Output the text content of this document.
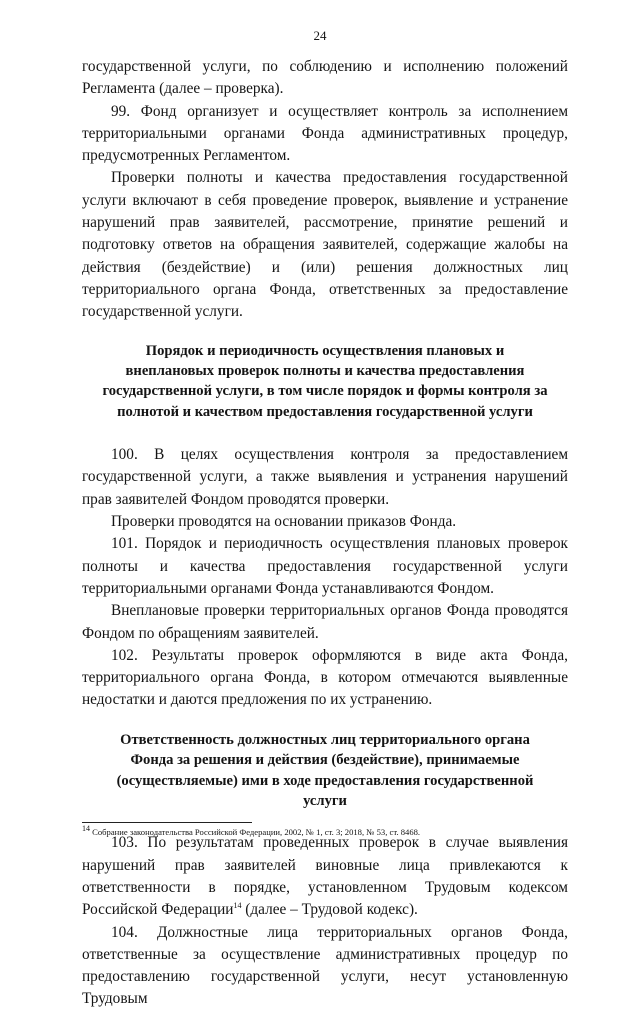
24

государственной услуги, по соблюдению и исполнению положений Регламента (далее – проверка).

99. Фонд организует и осуществляет контроль за исполнением территориальными органами Фонда административных процедур, предусмотренных Регламентом.

Проверки полноты и качества предоставления государственной услуги включают в себя проведение проверок, выявление и устранение нарушений прав заявителей, рассмотрение, принятие решений и подготовку ответов на обращения заявителей, содержащие жалобы на действия (бездействие) и (или) решения должностных лиц территориального органа Фонда, ответственных за предоставление государственной услуги.

Порядок и периодичность осуществления плановых и внеплановых проверок полноты и качества предоставления государственной услуги, в том числе порядок и формы контроля за полнотой и качеством предоставления государственной услуги

100. В целях осуществления контроля за предоставлением государственной услуги, а также выявления и устранения нарушений прав заявителей Фондом проводятся проверки.

Проверки проводятся на основании приказов Фонда.

101. Порядок и периодичность осуществления плановых проверок полноты и качества предоставления государственной услуги территориальными органами Фонда устанавливаются Фондом.

Внеплановые проверки территориальных органов Фонда проводятся Фондом по обращениям заявителей.

102. Результаты проверок оформляются в виде акта Фонда, территориального органа Фонда, в котором отмечаются выявленные недостатки и даются предложения по их устранению.

Ответственность должностных лиц территориального органа Фонда за решения и действия (бездействие), принимаемые (осуществляемые) ими в ходе предоставления государственной услуги

103. По результатам проведенных проверок в случае выявления нарушений прав заявителей виновные лица привлекаются к ответственности в порядке, установленном Трудовым кодексом Российской Федерации$^{14}$ (далее – Трудовой кодекс).

104. Должностные лица территориальных органов Фонда, ответственные за осуществление административных процедур по предоставлению государственной услуги, несут установленную Трудовым

$^{14}$ Собрание законодательства Российской Федерации, 2002, № 1, ст. 3; 2018, № 53, ст. 8468.
